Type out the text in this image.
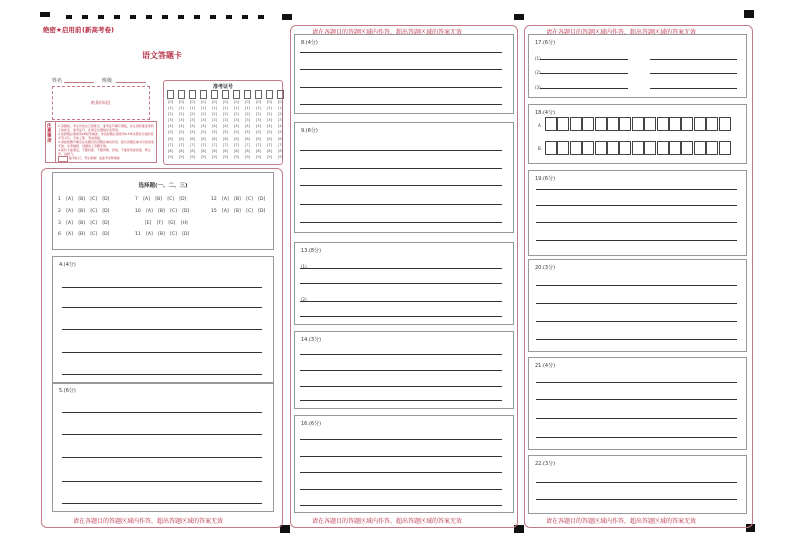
绝密★启用前 (新高考卷)
语文答题卡
姓名	班级
粘条形码区
注意事项
1.答题前，考生先将自己的姓名、准考证号填写清楚，并认真核准条形码上的姓名、准考证号，在规定位置贴好条形码。
2.选择题必须使用2B铅笔填涂；非选择题必须使用0.5毫米黑色字迹的签字笔书写，字体工整、笔迹清楚。
3.请按照题号顺序在各题目的答题区域内作答，超出答题区域书写的答案无效；在草稿纸、试题卷上答题无效。
4.保持卡面清洁，不要折叠、不要弄破、弄皱，不准使用涂改液、修正带、刮纸刀。
缺考标记，考生禁填！由监考老师填涂
准考证号
[0]
[1]
[2]
[3]
[4]
[5]
[6]
[7]
[8]
[9]
[0]
[1]
[2]
[3]
[4]
[5]
[6]
[7]
[8]
[9]
[0]
[1]
[2]
[3]
[4]
[5]
[6]
[7]
[8]
[9]
[0]
[1]
[2]
[3]
[4]
[5]
[6]
[7]
[8]
[9]
[0]
[1]
[2]
[3]
[4]
[5]
[6]
[7]
[8]
[9]
[0]
[1]
[2]
[3]
[4]
[5]
[6]
[7]
[8]
[9]
[0]
[1]
[2]
[3]
[4]
[5]
[6]
[7]
[8]
[9]
[0]
[1]
[2]
[3]
[4]
[5]
[6]
[7]
[8]
[9]
[0]
[1]
[2]
[3]
[4]
[5]
[6]
[7]
[8]
[9]
[0]
[1]
[2]
[3]
[4]
[5]
[6]
[7]
[8]
[9]
[0]
[1]
[2]
[3]
[4]
[5]
[6]
[7]
[8]
[9]
选择题(一、二、三)
1 [A] [B] [C] [D]
2 [A] [B] [C] [D]
3 [A] [B] [C] [D]
6 [A] [B] [C] [D]
7 [A] [B] [C] [D]
10 [A] [B] [C] [D]
[E] [F] [G] [H]
11 [A] [B] [C] [D]
12 [A] [B] [C] [D]
15 [A] [B] [C] [D]
4.(4分)
5.(6分)
请在各题目的答题区域内作答，超出答题区域的答案无效
请在各题目的答题区域内作答，超出答题区域的答案无效
8.(4分)
9.(6分)
13.(8分)
(1)
(2)
14.(3分)
16.(6分)
请在各题目的答题区域内作答，超出答题区域的答案无效
请在各题目的答题区域内作答，超出答题区域的答案无效
17.(6分)
(1)
(2)
(3)
18.(4分)
A.
B.
19.(6分)
20.(3分)
21.(4分)
22.(3分)
请在各题目的答题区域内作答，超出答题区域的答案无效
